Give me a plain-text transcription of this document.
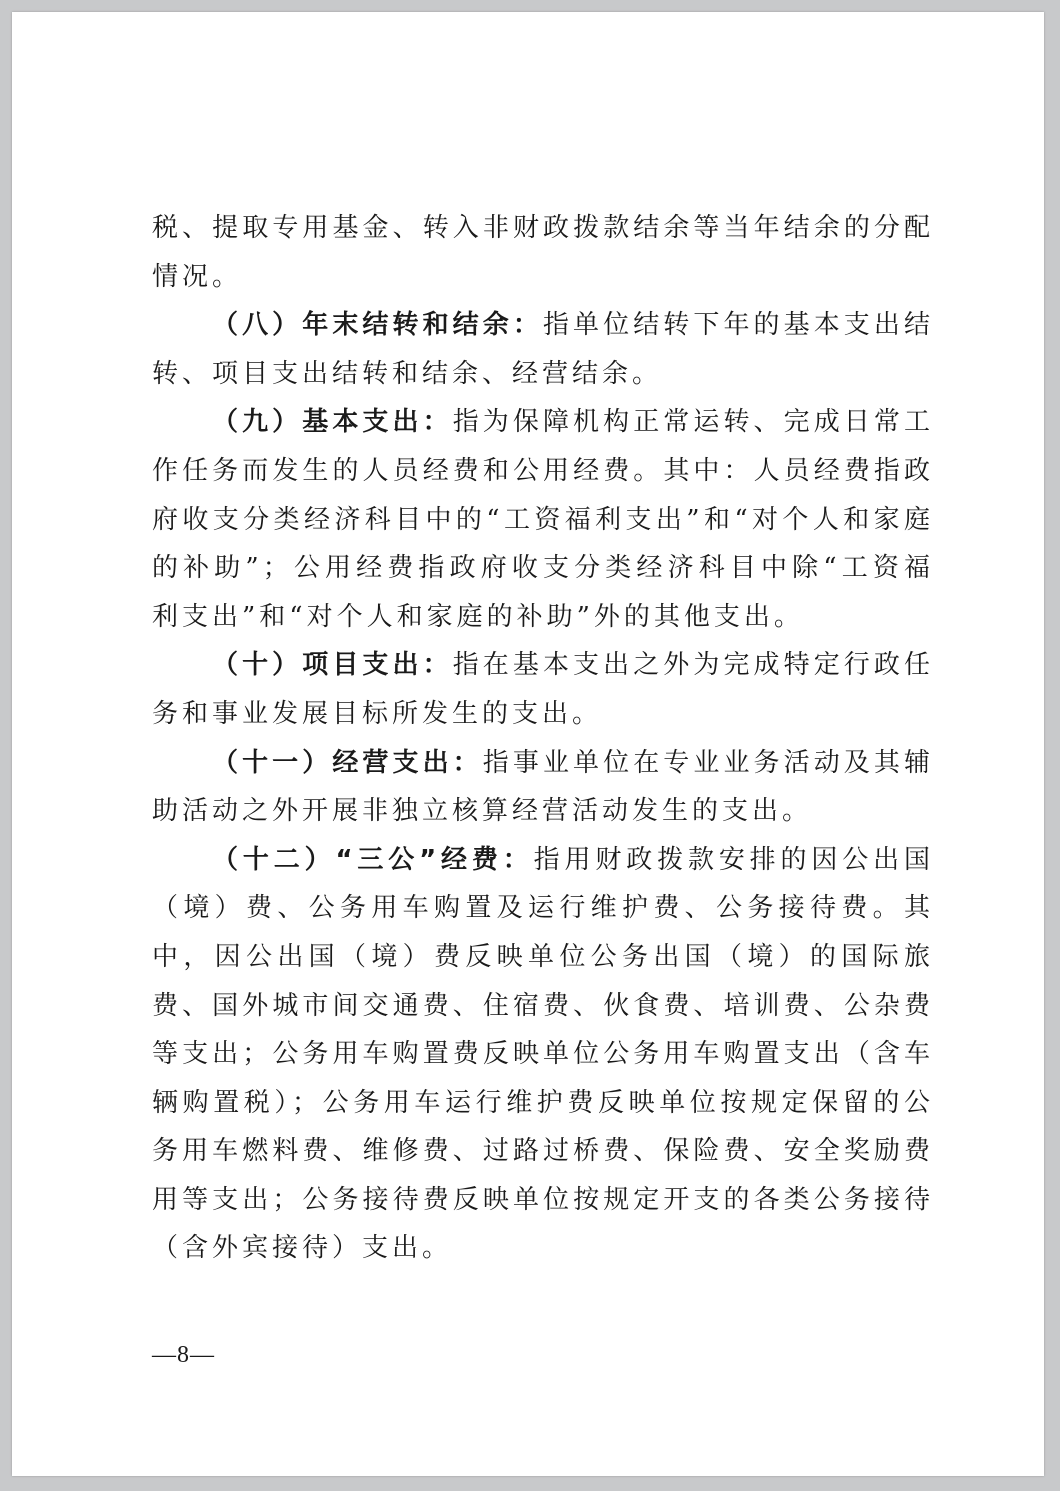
税、提取专用基金、转入非财政拨款结余等当年结余的分配情况。

（八）年末结转和结余：指单位结转下年的基本支出结转、项目支出结转和结余、经营结余。

（九）基本支出：指为保障机构正常运转、完成日常工作任务而发生的人员经费和公用经费。其中：人员经费指政府收支分类经济科目中的“工资福利支出”和“对个人和家庭的补助”；公用经费指政府收支分类经济科目中除“工资福利支出”和“对个人和家庭的补助”外的其他支出。

（十）项目支出：指在基本支出之外为完成特定行政任务和事业发展目标所发生的支出。

（十一）经营支出：指事业单位在专业业务活动及其辅助活动之外开展非独立核算经营活动发生的支出。

（十二）“三公”经费：指用财政拨款安排的因公出国（境）费、公务用车购置及运行维护费、公务接待费。其中，因公出国（境）费反映单位公务出国（境）的国际旅费、国外城市间交通费、住宿费、伙食费、培训费、公杂费等支出；公务用车购置费反映单位公务用车购置支出（含车辆购置税）；公务用车运行维护费反映单位按规定保留的公务用车燃料费、维修费、过路过桥费、保险费、安全奖励费用等支出；公务接待费反映单位按规定开支的各类公务接待（含外宾接待）支出。

—8—
